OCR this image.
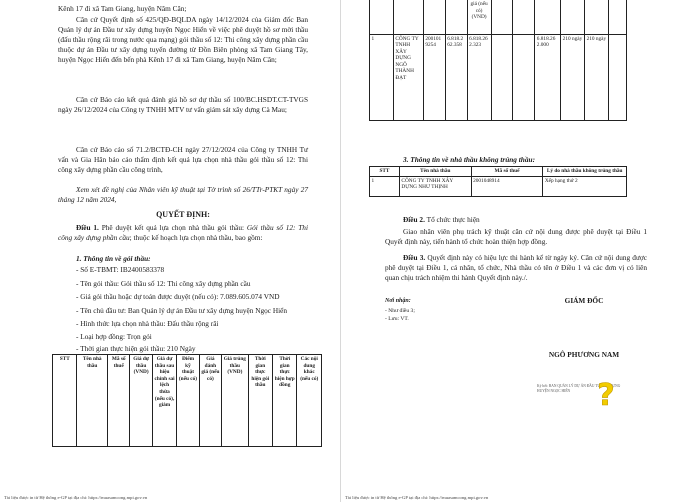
Kênh 17 đi xã Tam Giang, huyện Năm Căn;
Căn cứ Quyết định số 425/QĐ-BQLDA ngày 14/12/2024 của Giám đốc Ban Quản lý dự án Đầu tư xây dựng huyện Ngọc Hiển về việc phê duyệt hồ sơ mời thầu (đấu thầu rộng rãi trong nước qua mạng) gói thầu số 12: Thi công xây dựng phần cầu thuộc dự án Đầu tư xây dựng tuyến đường từ Đồn Biên phòng xã Tam Giang Tây, huyện Ngọc Hiển đến bến phà Kênh 17 đi xã Tam Giang, huyện Năm Căn;
Căn cứ Báo cáo kết quả đánh giá hồ sơ dự thầu số 100/BC.HSDT.CT-TVGS ngày 26/12/2024 của Công ty TNHH MTV tư vấn giám sát xây dựng Cà Mau;
Căn cứ Báo cáo số 71.2/BCTĐ-CH ngày 27/12/2024 của Công ty TNHH Tư vấn và Gia Hân báo cáo thẩm định kết quả lựa chọn nhà thầu gói thầu số 12: Thi công xây dựng phần cầu công trình,
Xem xét đề nghị của Nhân viên kỹ thuật tại Tờ trình số 26/TTr-PTKT ngày 27 tháng 12 năm 2024,
QUYẾT ĐỊNH:
Điều 1. Phê duyệt kết quả lựa chọn nhà thầu gói thầu: Gói thầu số 12: Thi công xây dựng phần cầu; thuộc kế hoạch lựa chọn nhà thầu, bao gồm:
1. Thông tin về gói thầu:
- Số E-TBMT: IB2400583378
- Tên gói thầu: Gói thầu số 12: Thi công xây dựng phần cầu
- Giá gói thầu hoặc dự toán được duyệt (nếu có): 7.089.605.074 VND
- Tên chủ đầu tư: Ban Quản lý dự án Đầu tư xây dựng huyện Ngọc Hiển
- Hình thức lựa chọn nhà thầu: Đấu thầu rộng rãi
- Loại hợp đồng: Trọn gói
- Thời gian thực hiện gói thầu: 210 Ngày
STT	Tên nhà thầu	Mã số thuế	Giá dự thầu (VND)	Giá dự thầu sau hiệu chỉnh sai lệch thừa (nếu có), giảm	Điểm kỹ thuật (nếu có)	Giá đánh giá (nếu có)	Giá trúng thầu (VND)	Thời gian thực hiện gói thầu	Thời gian thực hiện hợp đồng	Các nội dung khác (nếu có)
Tài liệu được in từ Hệ thống e-GP tại địa chỉ: https://muasamcong.mpi.gov.vn
				giá (nếu có) (VND)						
1	CÔNG TY TNHH XÂY DỰNG NGÔ THÀNH ĐẠT	2001019254	6.818.262.358	6.818.262.323			6.818.262.000	210 ngày	210 ngày	
3. Thông tin về nhà thầu không trúng thầu:
STT	Tên nhà thầu	Mã số thuế	Lý do nhà thầu không trúng thầu
1	CÔNG TY TNHH XÂY DỰNG NHƯ THỊNH	2001048914	Xếp hạng thứ 2
Điều 2. Tổ chức thực hiện
Giao nhân viên phụ trách kỹ thuật căn cứ nội dung được phê duyệt tại Điều 1 Quyết định này, tiến hành tổ chức hoàn thiện hợp đồng.
Điều 3. Quyết định này có hiệu lực thi hành kể từ ngày ký. Căn cứ nội dung được phê duyệt tại Điều 1, cá nhân, tổ chức, Nhà thầu có tên ở Điều 1 và các đơn vị có liên quan chịu trách nhiệm thi hành Quyết định này./.
Nơi nhận:
- Như điều 3;
- Lưu: VT.
GIÁM ĐỐC
NGÔ PHƯƠNG NAM
Ký bởi: BAN QUẢN LÝ DỰ ÁN ĐẦU TƯ XÂY DỰNG HUYỆN NGỌC HIỂN ?
Tài liệu được in từ Hệ thống e-GP tại địa chỉ: https://muasamcong.mpi.gov.vn
